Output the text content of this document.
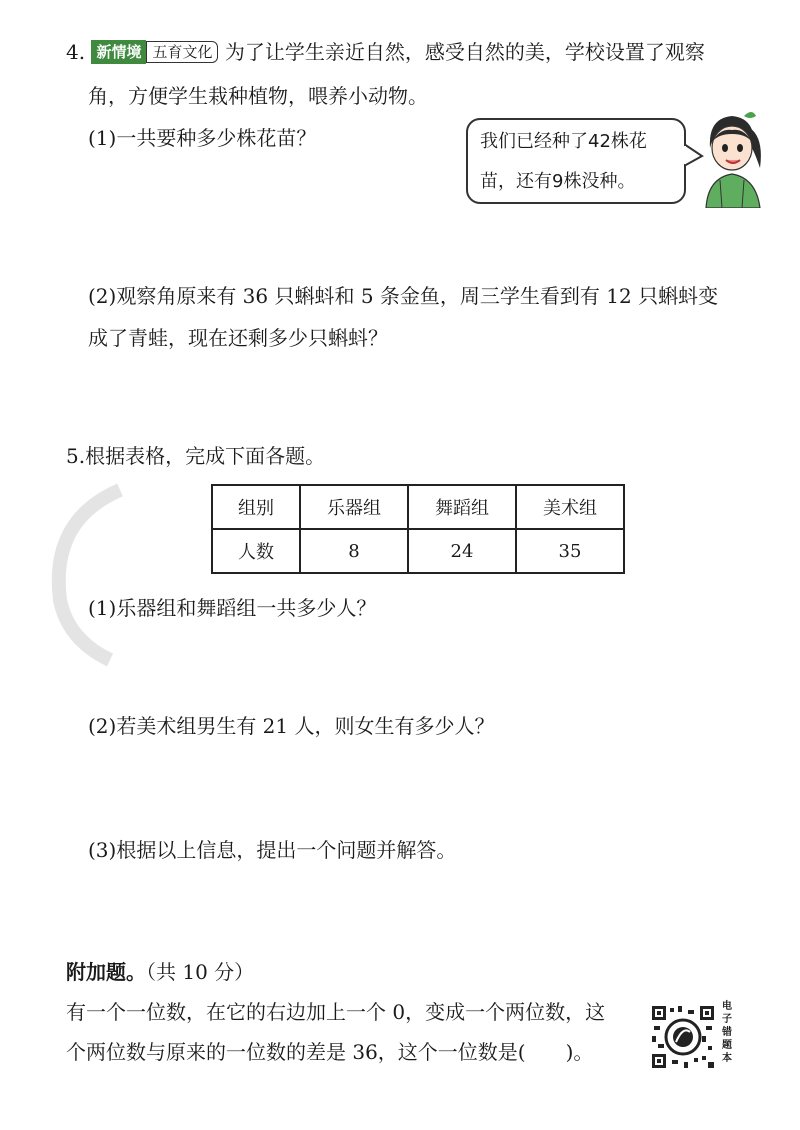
4. 新情境 五育文化 为了让学生亲近自然，感受自然的美，学校设置了观察
角，方便学生栽种植物，喂养小动物。
(1)一共要种多少株花苗？	我们已经种了42株花
苗，还有9株没种。
(2)观察角原来有 36 只蝌蚪和 5 条金鱼，周三学生看到有 12 只蝌蚪变
成了青蛙，现在还剩多少只蝌蚪？
5.根据表格，完成下面各题。
组别	乐器组	舞蹈组	美术组
人数	8	24	35
(1)乐器组和舞蹈组一共多少人？
(2)若美术组男生有 21 人，则女生有多少人？
(3)根据以上信息，提出一个问题并解答。
附加题。（共 10 分）
有一个一位数，在它的右边加上一个 0，变成一个两位数，这
个两位数与原来的一位数的差是 36，这个一位数是(　　)。
电子错题本
